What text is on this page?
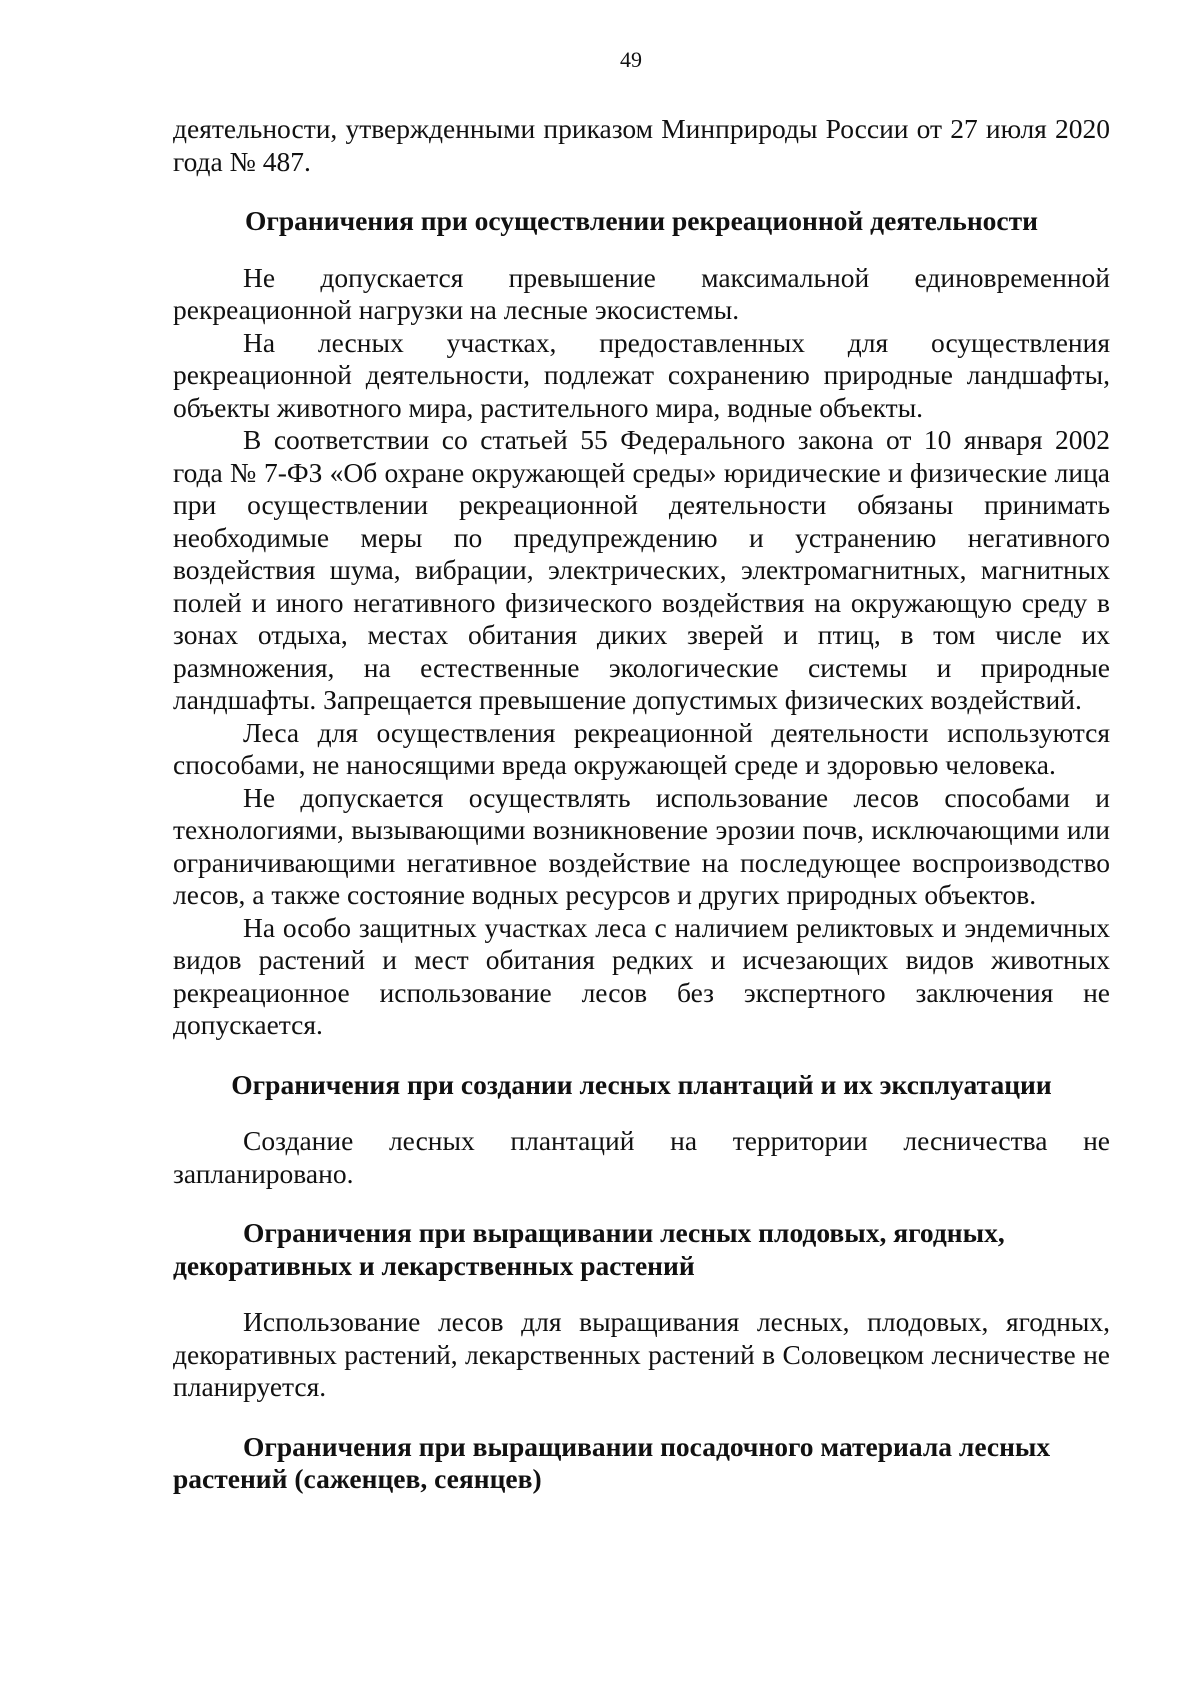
49

деятельности, утвержденными приказом Минприроды России от 27 июля 2020 года № 487.

Ограничения при осуществлении рекреационной деятельности

Не допускается превышение максимальной единовременной рекреационной нагрузки на лесные экосистемы.

На лесных участках, предоставленных для осуществления рекреационной деятельности, подлежат сохранению природные ландшафты, объекты животного мира, растительного мира, водные объекты.

В соответствии со статьей 55 Федерального закона от 10 января 2002 года № 7-ФЗ «Об охране окружающей среды» юридические и физические лица при осуществлении рекреационной деятельности обязаны принимать необходимые меры по предупреждению и устранению негативного воздействия шума, вибрации, электрических, электромагнитных, магнитных полей и иного негативного физического воздействия на окружающую среду в зонах отдыха, местах обитания диких зверей и птиц, в том числе их размножения, на естественные экологические системы и природные ландшафты. Запрещается превышение допустимых физических воздействий.

Леса для осуществления рекреационной деятельности используются способами, не наносящими вреда окружающей среде и здоровью человека.

Не допускается осуществлять использование лесов способами и технологиями, вызывающими возникновение эрозии почв, исключающими или ограничивающими негативное воздействие на последующее воспроизводство лесов, а также состояние водных ресурсов и других природных объектов.

На особо защитных участках леса с наличием реликтовых и эндемичных видов растений и мест обитания редких и исчезающих видов животных рекреационное использование лесов без экспертного заключения не допускается.

Ограничения при создании лесных плантаций и их эксплуатации

Создание лесных плантаций на территории лесничества не запланировано.

Ограничения при выращивании лесных плодовых, ягодных, декоративных и лекарственных растений

Использование лесов для выращивания лесных, плодовых, ягодных, декоративных растений, лекарственных растений в Соловецком лесничестве не планируется.

Ограничения при выращивании посадочного материала лесных растений (саженцев, сеянцев)
